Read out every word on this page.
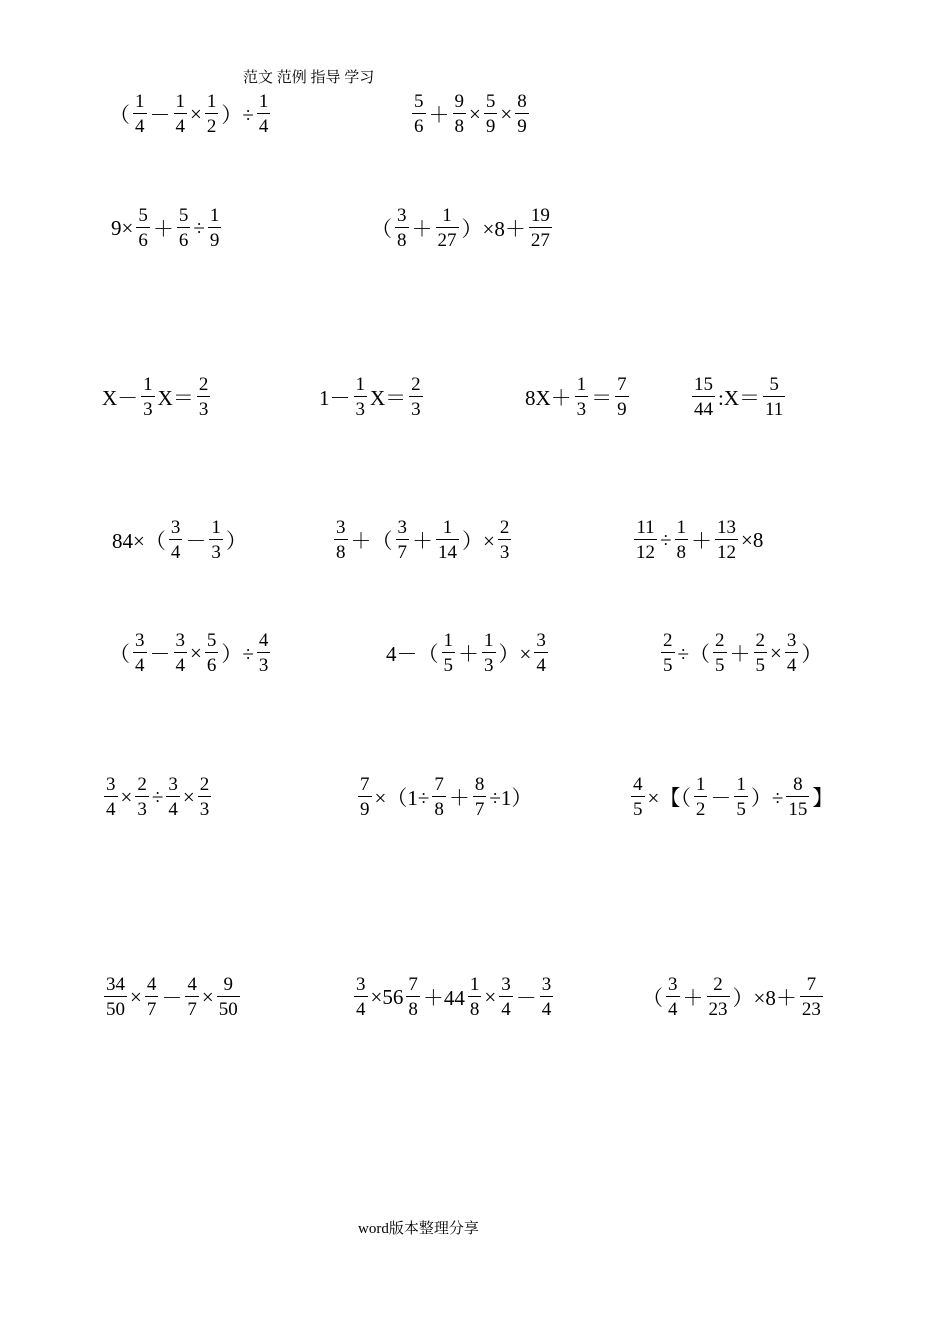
范文 范例 指导 学习
（ $\frac{1}{4} - \frac{1}{4} \times \frac{1}{2}$ ）÷ $\frac{1}{4}$	$\frac{5}{6} + \frac{9}{8} \times \frac{5}{9} \times \frac{8}{9}$
$9\times \frac{5}{6} + \frac{5}{6} \div \frac{1}{9}$	（ $\frac{3}{8} + \frac{1}{27} )\times 8+ \frac{19}{27}$
$X- \frac{1}{3} X= \frac{2}{3}$	$1- \frac{1}{3} X= \frac{2}{3}$	$8X+ \frac{1}{3} = \frac{7}{9}$	$\frac{15}{44}$ :X＝ $\frac{5}{11}$
$84\times( \frac{3}{4} - \frac{1}{3}$ ）	$\frac{3}{8}$ ＋（ $\frac{3}{7} + \frac{1}{14}$ ）× $\frac{2}{3}$	$\frac{11}{12} \div \frac{1}{8} + \frac{13}{12} \times 8$
（ $\frac{3}{4} - \frac{3}{4} \times \frac{5}{6}$ ）÷ $\frac{4}{3}$	$4-( \frac{1}{5} + \frac{1}{3}$ ）× $\frac{3}{4}$	$\frac{2}{5}$ ÷（ $\frac{2}{5} + \frac{2}{5} \times \frac{3}{4}$ ）
$\frac{3}{4} \times \frac{2}{3} \div \frac{3}{4} \times \frac{2}{3}$	$\frac{7}{9} \times(1\div \frac{7}{8} + \frac{8}{7} \div 1)$	$\frac{4}{5}$ ×【（ $\frac{1}{2} - \frac{1}{5}$ ）÷ $\frac{8}{15}$ 】
$\frac{34}{50} \times \frac{4}{7} - \frac{4}{7} \times \frac{9}{50}$	$\frac{3}{4} \times 56 \frac{7}{8} +44 \frac{1}{8} \times \frac{3}{4} - \frac{3}{4}$	（ $\frac{3}{4} + \frac{2}{23} )\times 8+ \frac{7}{23}$
word版本整理分享
